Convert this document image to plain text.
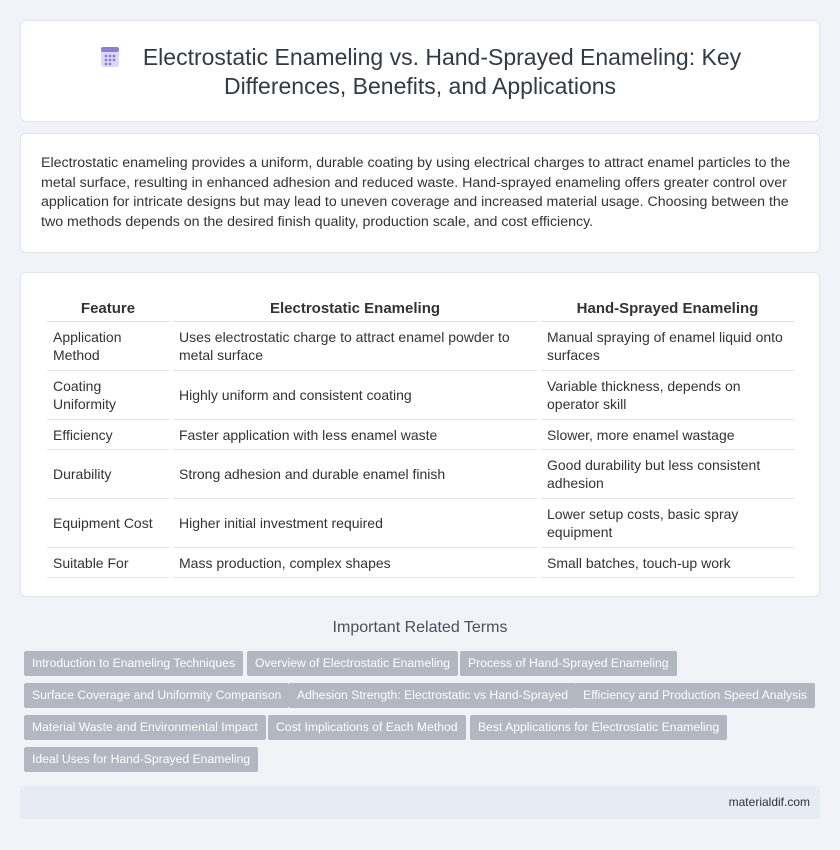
Electrostatic Enameling vs. Hand-Sprayed Enameling: Key Differences, Benefits, and Applications

Electrostatic enameling provides a uniform, durable coating by using electrical charges to attract enamel particles to the metal surface, resulting in enhanced adhesion and reduced waste. Hand-sprayed enameling offers greater control over application for intricate designs but may lead to uneven coverage and increased material usage. Choosing between the two methods depends on the desired finish quality, production scale, and cost efficiency.

Feature	Electrostatic Enameling	Hand-Sprayed Enameling
Application Method	Uses electrostatic charge to attract enamel powder to metal surface	Manual spraying of enamel liquid onto surfaces
Coating Uniformity	Highly uniform and consistent coating	Variable thickness, depends on operator skill
Efficiency	Faster application with less enamel waste	Slower, more enamel wastage
Durability	Strong adhesion and durable enamel finish	Good durability but less consistent adhesion
Equipment Cost	Higher initial investment required	Lower setup costs, basic spray equipment
Suitable For	Mass production, complex shapes	Small batches, touch-up work
Important Related Terms
Introduction to Enameling Techniques	Overview of Electrostatic Enameling	Process of Hand-Sprayed Enameling
Surface Coverage and Uniformity Comparison	Adhesion Strength: Electrostatic vs Hand-Sprayed	Efficiency and Production Speed Analysis
Material Waste and Environmental Impact	Cost Implications of Each Method	Best Applications for Electrostatic Enameling
Ideal Uses for Hand-Sprayed Enameling
materialdif.com
